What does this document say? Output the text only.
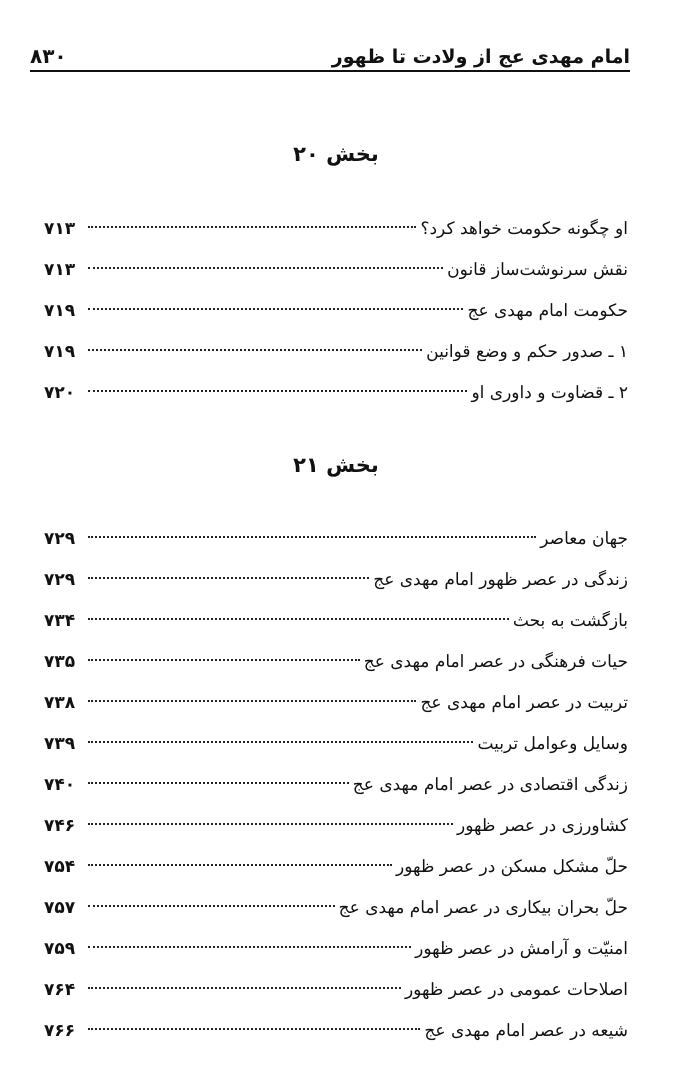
۸۳۰	امام مهدی عج از ولادت تا ظهور
بخش ۲۰
او چگونه حکومت خواهد کرد؟
۷۱۳
نقش سرنوشت‌ساز قانون
۷۱۳
حکومت امام مهدی عج
۷۱۹
۱ ـ صدور حکم و وضع قوانین
۷۱۹
۲ ـ قضاوت و داوری او
۷۲۰
بخش ۲۱
جهان معاصر
۷۲۹
زندگی در عصر ظهور امام مهدی عج
۷۲۹
بازگشت به بحث
۷۳۴
حیات فرهنگی در عصر امام مهدی عج
۷۳۵
تربیت در عصر امام مهدی عج
۷۳۸
وسایل وعوامل تربیت
۷۳۹
زندگی اقتصادی در عصر امام مهدی عج
۷۴۰
کشاورزی در عصر ظهور
۷۴۶
حلّ مشکل مسکن در عصر ظهور
۷۵۴
حلّ بحران بیکاری در عصر امام مهدی عج
۷۵۷
امنیّت و آرامش در عصر ظهور
۷۵۹
اصلاحات عمومی در عصر ظهور
۷۶۴
شیعه در عصر امام مهدی عج
۷۶۶
